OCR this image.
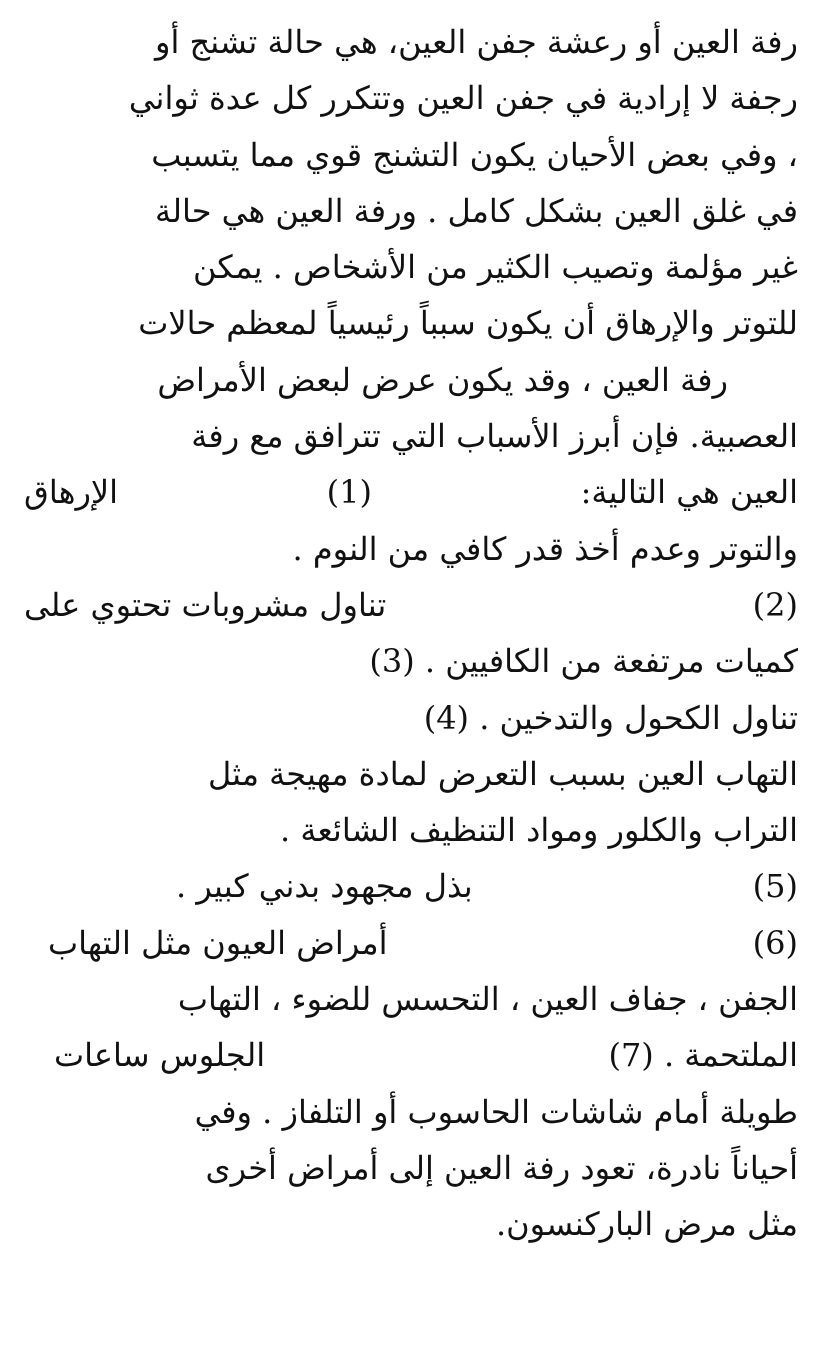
رفة العين أو رعشة جفن العين، هي حالة تشنج أو
رجفة لا إرادية في جفن العين وتتكرر كل عدة ثواني
، وفي بعض الأحيان يكون التشنج قوي مما يتسبب
في غلق العين بشكل كامل . ورفة العين هي حالة
غير مؤلمة وتصيب الكثير من الأشخاص . يمكن
للتوتر والإرهاق أن يكون سبباً رئيسياً لمعظم حالات
رفة العين ، وقد يكون عرض لبعض الأمراض
العصبية. فإن أبرز الأسباب التي تترافق مع رفة
العين هي التالية:
(1)
الإرهاق
والتوتر وعدم أخذ قدر كافي من النوم .
تناول مشروبات تحتوي على	(2)
كميات مرتفعة من الكافيين . (3)
تناول الكحول والتدخين . (4)
التهاب العين بسبب التعرض لمادة مهيجة مثل
التراب والكلور ومواد التنظيف الشائعة .
(5)
بذل مجهود بدني كبير .
(6)
أمراض العيون مثل التهاب
الجفن ، جفاف العين ، التحسس للضوء ، التهاب
الملتحمة . (7)
الجلوس ساعات
طويلة أمام شاشات الحاسوب أو التلفاز . وفي
أحياناً نادرة، تعود رفة العين إلى أمراض أخرى
مثل مرض الباركنسون.
